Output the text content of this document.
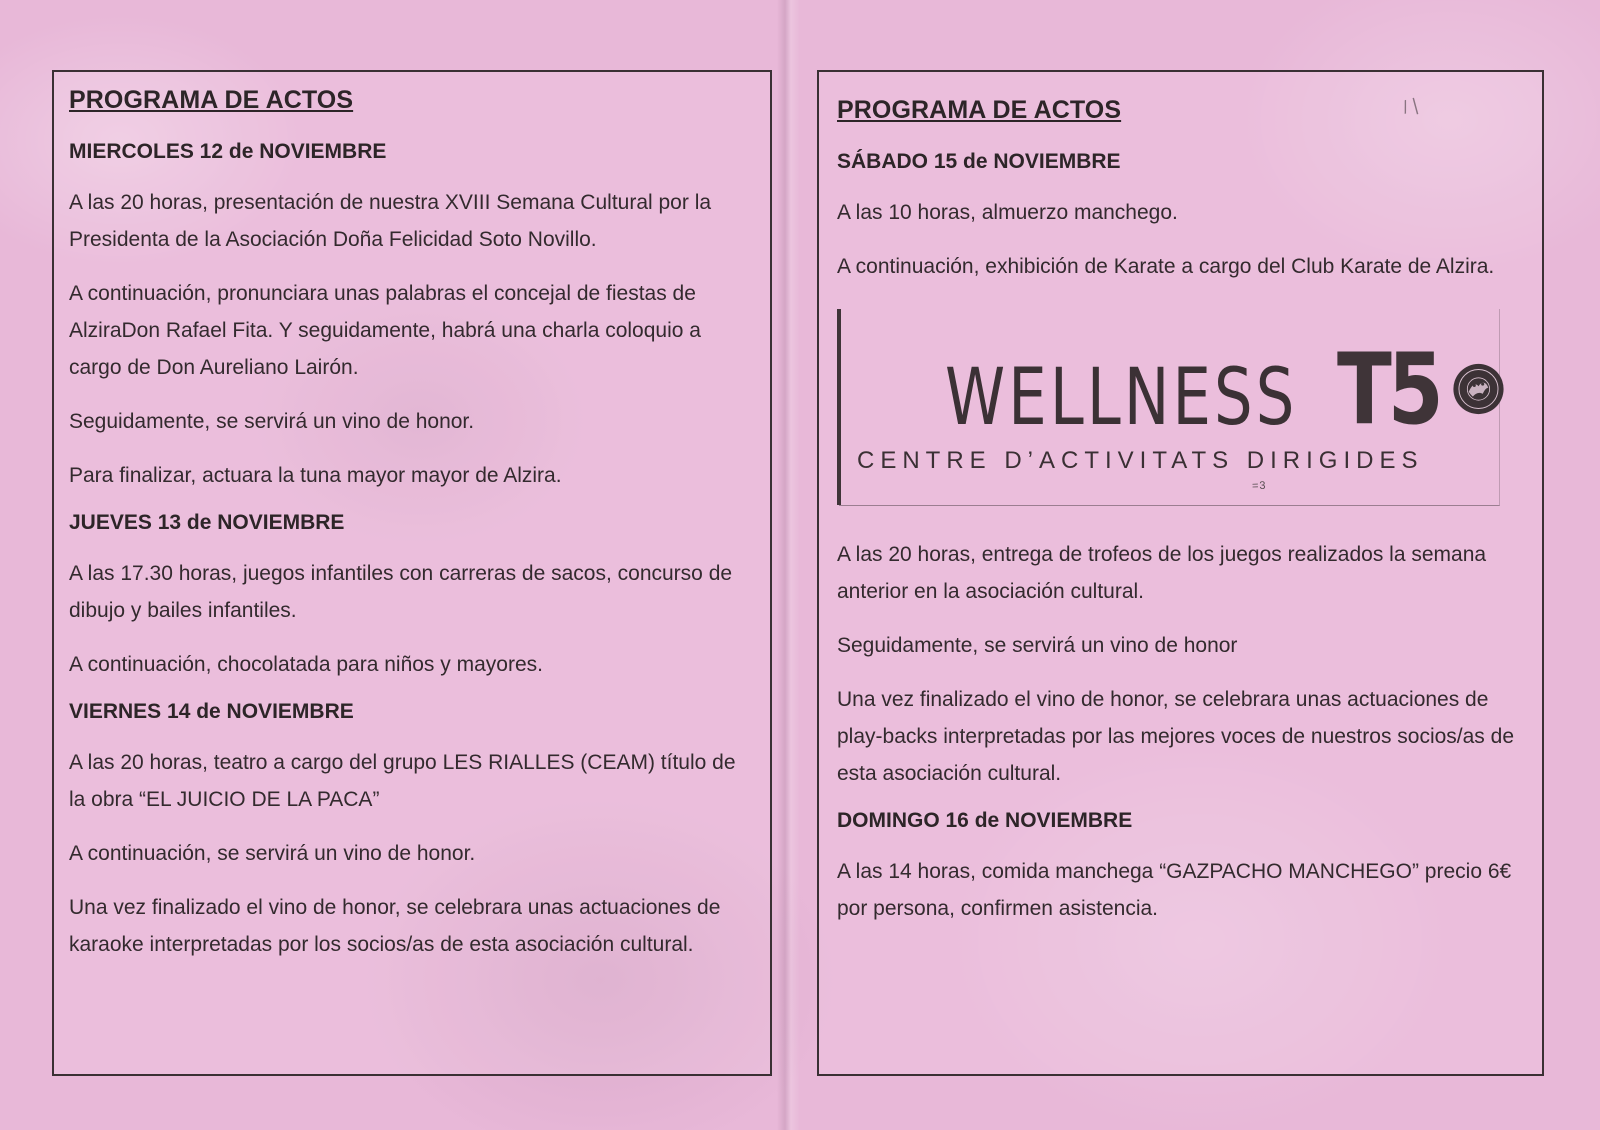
PROGRAMA DE ACTOS
MIERCOLES 12 de NOVIEMBRE
A las 20 horas, presentación de nuestra XVIII Semana Cultural por la Presidenta de la Asociación Doña Felicidad Soto Novillo.
A continuación, pronunciara unas palabras el concejal de fiestas de AlziraDon Rafael Fita. Y seguidamente, habrá una charla coloquio a cargo de Don Aureliano Lairón.
Seguidamente, se servirá un vino de honor.
Para finalizar, actuara la tuna mayor mayor de Alzira.
JUEVES 13 de NOVIEMBRE
A las 17.30 horas, juegos infantiles con carreras de sacos, concurso de dibujo y bailes infantiles.
A continuación, chocolatada para niños y mayores.
VIERNES 14 de NOVIEMBRE
A las 20 horas, teatro a cargo del grupo LES RIALLES (CEAM) título de la obra “EL JUICIO DE LA PACA”
A continuación, se servirá un vino de honor.
Una vez finalizado el vino de honor, se celebrara unas actuaciones de karaoke interpretadas por los socios/as de esta asociación cultural.
PROGRAMA DE ACTOS
SÁBADO 15 de NOVIEMBRE
A las 10 horas, almuerzo manchego.
A continuación, exhibición de Karate a cargo del Club Karate de Alzira.
WELLNESS T5
CENTRE D’ACTIVITATS DIRIGIDES
=3
A las 20 horas, entrega de trofeos de los juegos realizados la semana anterior en la asociación cultural.
Seguidamente, se servirá un vino de honor
Una vez finalizado el vino de honor, se celebrara unas actuaciones de play-backs interpretadas por las mejores voces de nuestros socios/as de esta asociación cultural.
DOMINGO 16 de NOVIEMBRE
A las 14 horas, comida manchega “GAZPACHO MANCHEGO” precio 6€ por persona, confirmen asistencia.
/ |
